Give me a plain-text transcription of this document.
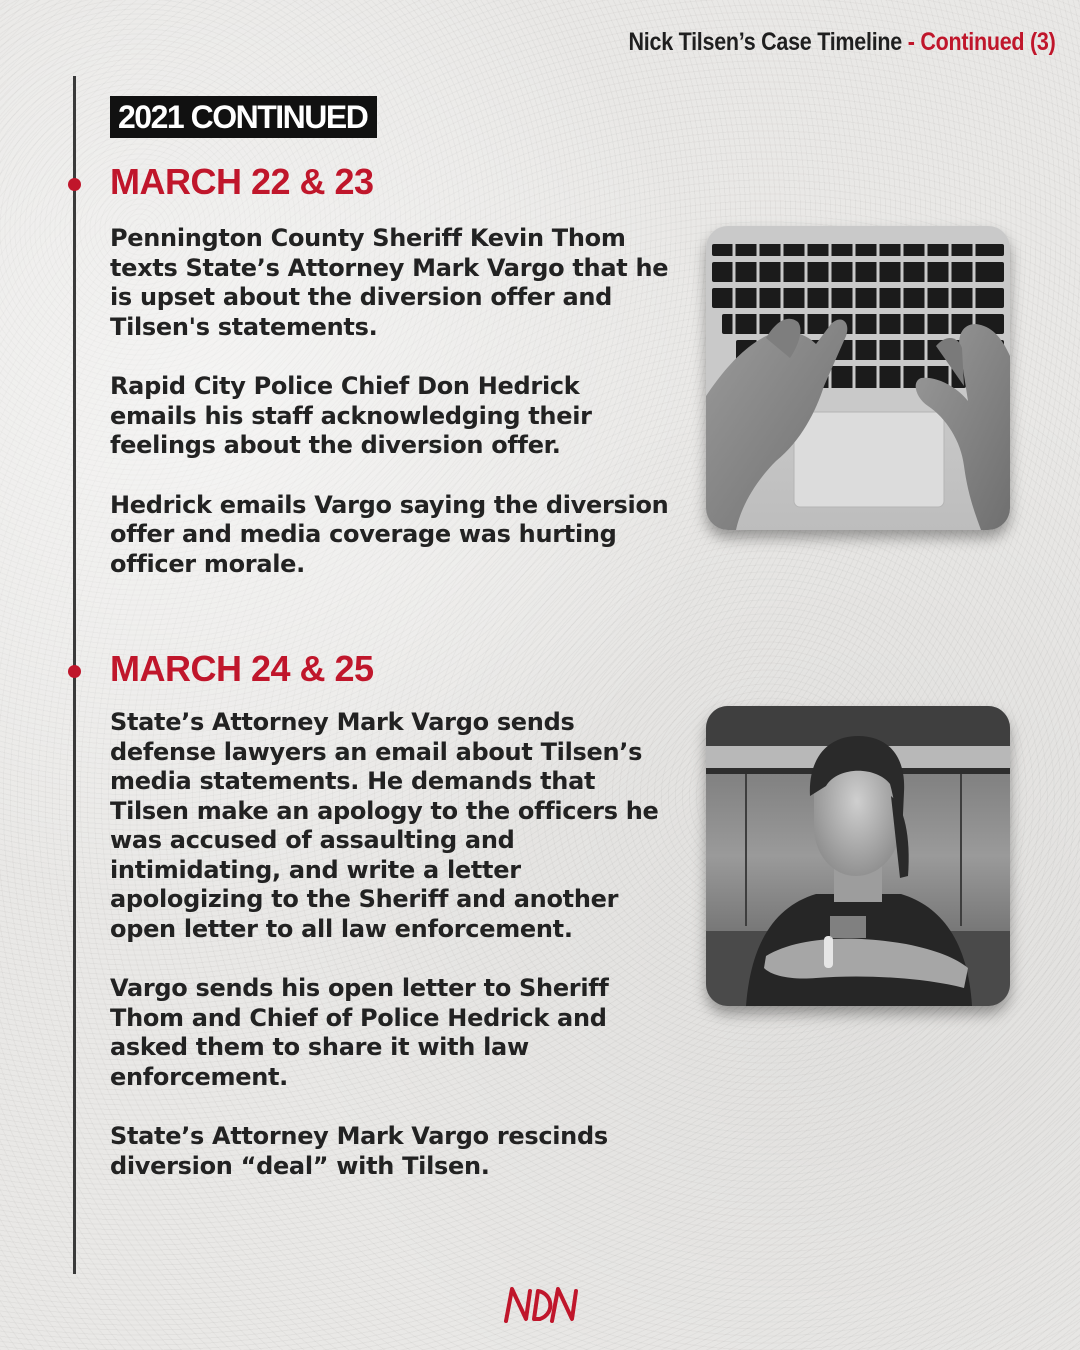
Nick Tilsen’s Case Timeline - Continued (3)
2021 CONTINUED
MARCH 22 & 23

Pennington County Sheriff Kevin Thom texts State’s Attorney Mark Vargo that he is upset about the diversion offer and Tilsen's statements.

Rapid City Police Chief Don Hedrick emails his staff acknowledging their feelings about the diversion offer.

Hedrick emails Vargo saying the diversion offer and media coverage was hurting officer morale.

MARCH 24 & 25

State’s Attorney Mark Vargo sends defense lawyers an email about Tilsen’s media statements. He demands that Tilsen make an apology to the officers he was accused of assaulting and intimidating, and write a letter apologizing to the Sheriff and another open letter to all law enforcement.

Vargo sends his open letter to Sheriff Thom and Chief of Police Hedrick and asked them to share it with law enforcement.

State’s Attorney Mark Vargo rescinds diversion “deal” with Tilsen.
